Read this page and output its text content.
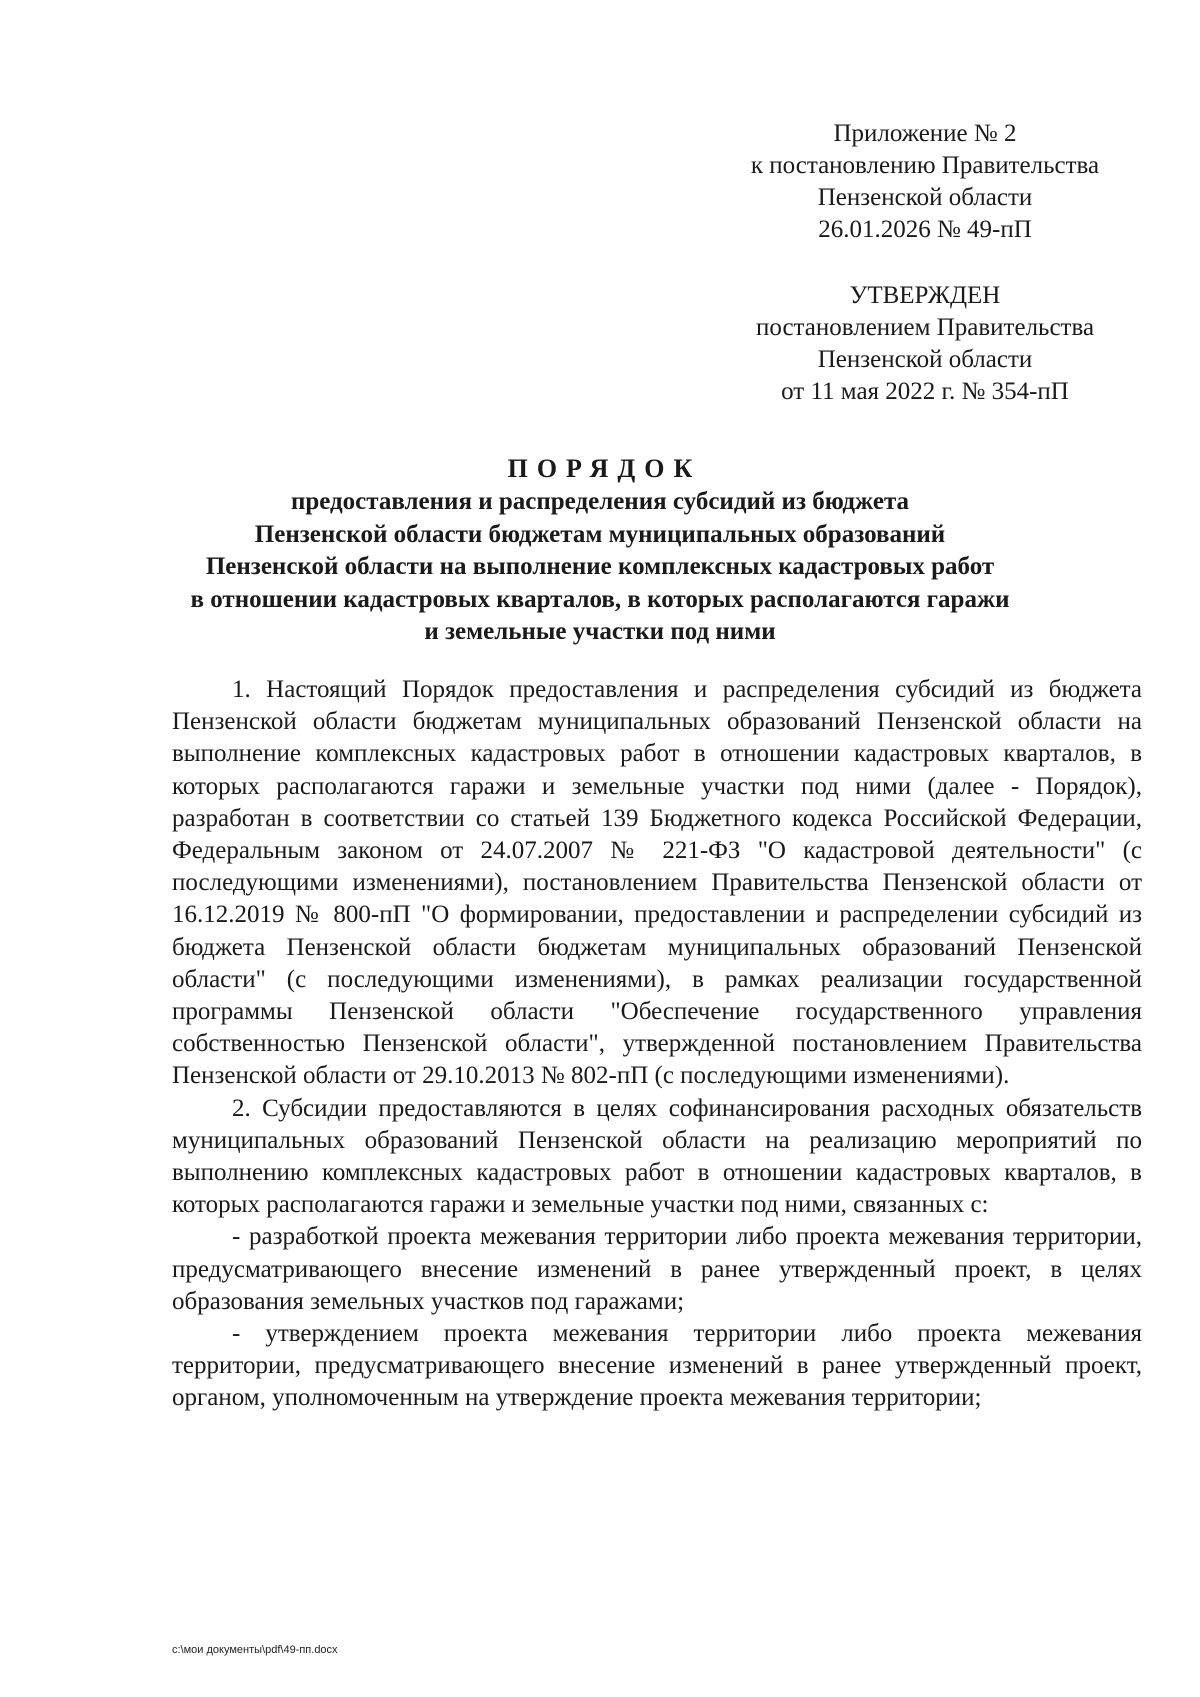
Приложение № 2
к постановлению Правительства
Пензенской области
26.01.2026 № 49-пП
УТВЕРЖДЕН
постановлением Правительства
Пензенской области
от 11 мая 2022 г. № 354-пП
ПОРЯДОК
предоставления и распределения субсидий из бюджета
Пензенской области бюджетам муниципальных образований
Пензенской области на выполнение комплексных кадастровых работ
в отношении кадастровых кварталов, в которых располагаются гаражи
и земельные участки под ними

1. Настоящий Порядок предоставления и распределения субсидий из бюджета Пензенской области бюджетам муниципальных образований Пензенской области на выполнение комплексных кадастровых работ в отношении кадастровых кварталов, в которых располагаются гаражи и земельные участки под ними (далее - Порядок), разработан в соответствии со статьей 139 Бюджетного кодекса Российской Федерации, Федеральным законом от 24.07.2007 № 221-ФЗ "О кадастровой деятельности" (с последующими изменениями), постановлением Правительства Пензенской области от 16.12.2019 № 800-пП "О формировании, предоставлении и распределении субсидий из бюджета Пензенской области бюджетам муниципальных образований Пензенской области" (с последующими изменениями), в рамках реализации государственной программы Пензенской области "Обеспечение государственного управления собственностью Пензенской области", утвержденной постановлением Правительства Пензенской области от 29.10.2013 № 802-пП (с последующими изменениями).

2. Субсидии предоставляются в целях софинансирования расходных обязательств муниципальных образований Пензенской области на реализацию мероприятий по выполнению комплексных кадастровых работ в отношении кадастровых кварталов, в которых располагаются гаражи и земельные участки под ними, связанных с:

- разработкой проекта межевания территории либо проекта межевания территории, предусматривающего внесение изменений в ранее утвержденный проект, в целях образования земельных участков под гаражами;

- утверждением проекта межевания территории либо проекта межевания территории, предусматривающего внесение изменений в ранее утвержденный проект, органом, уполномоченным на утверждение проекта межевания территории;

c:\мои документы\pdf\49-пп.docx
